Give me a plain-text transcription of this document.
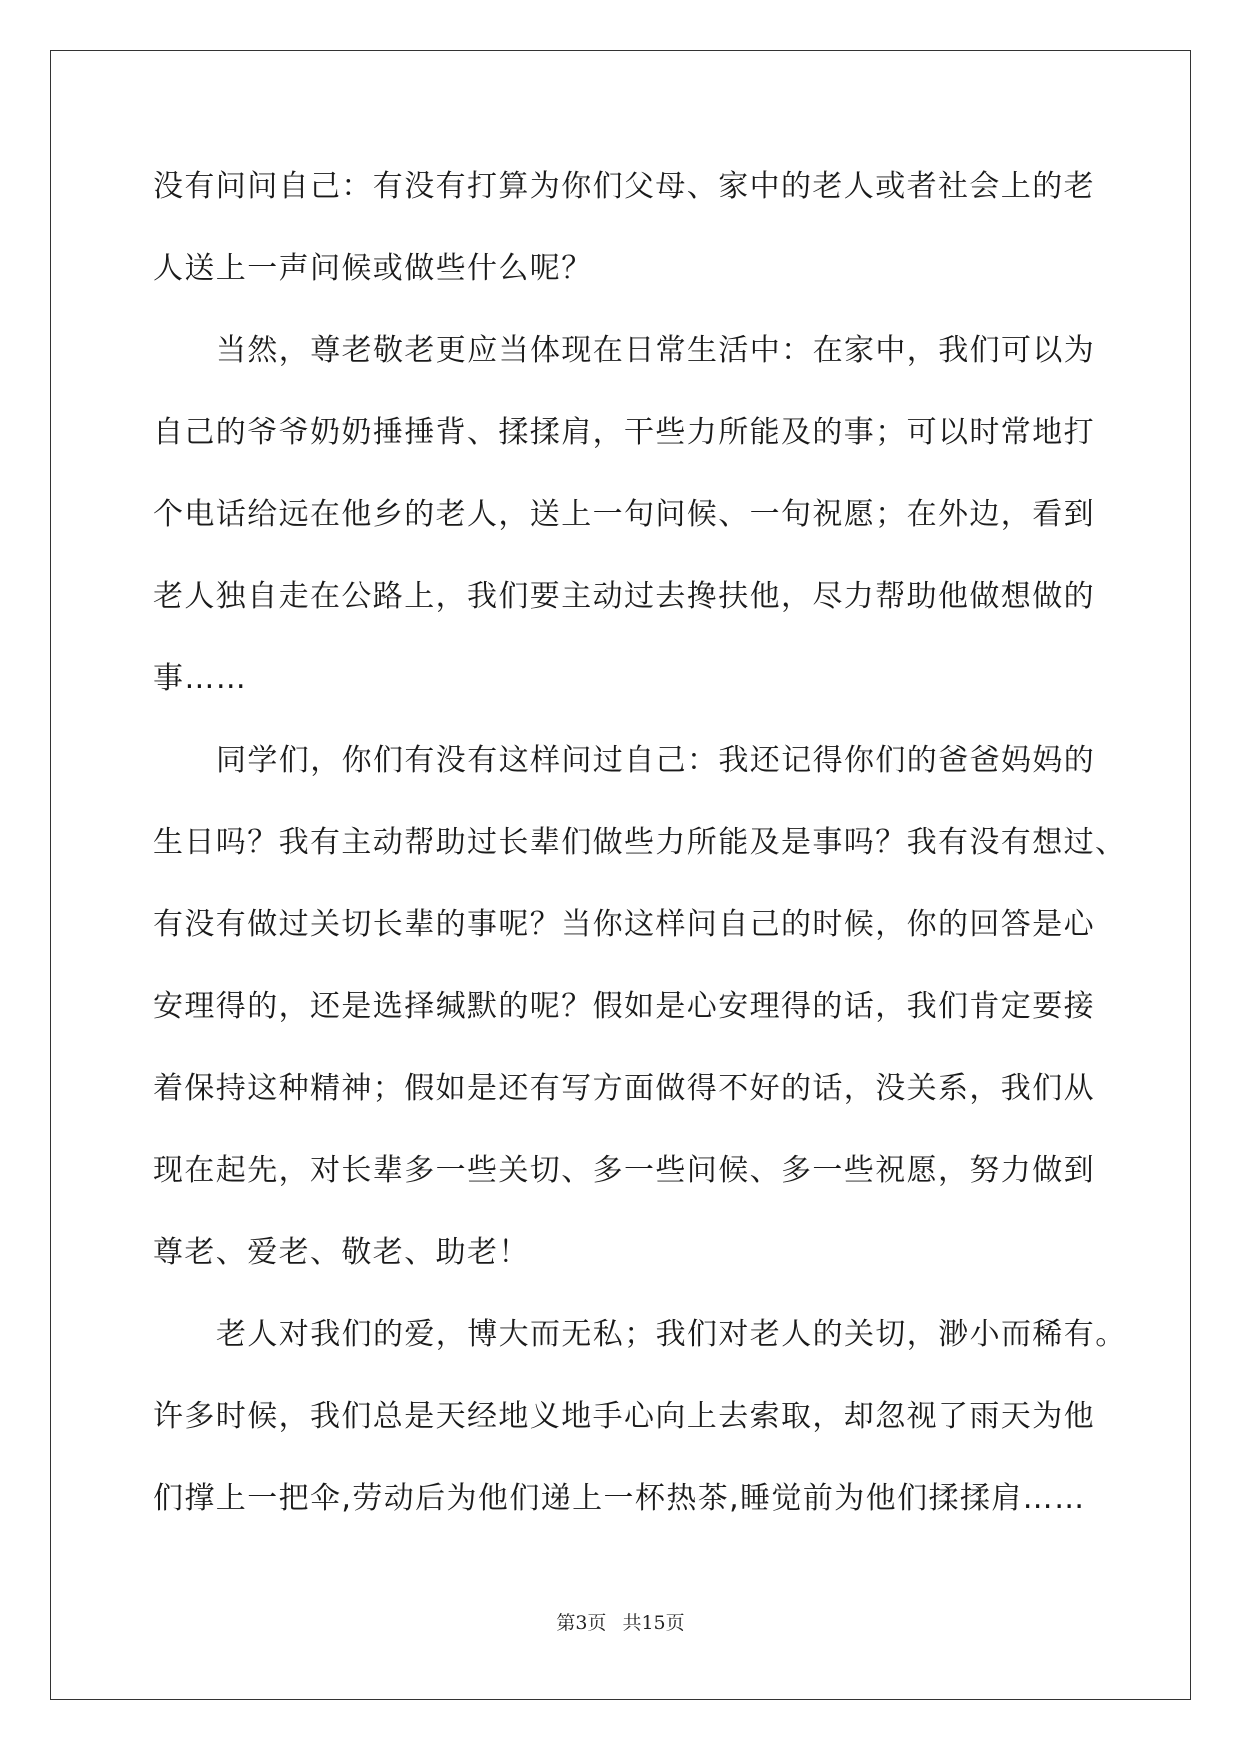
没有问问自己：有没有打算为你们父母、家中的老人或者社会上的老
人送上一声问候或做些什么呢？
当然，尊老敬老更应当体现在日常生活中：在家中，我们可以为
自己的爷爷奶奶捶捶背、揉揉肩，干些力所能及的事；可以时常地打
个电话给远在他乡的老人，送上一句问候、一句祝愿；在外边，看到
老人独自走在公路上，我们要主动过去搀扶他，尽力帮助他做想做的
事……
同学们，你们有没有这样问过自己：我还记得你们的爸爸妈妈的
生日吗？我有主动帮助过长辈们做些力所能及是事吗？我有没有想过、
有没有做过关切长辈的事呢？当你这样问自己的时候，你的回答是心
安理得的，还是选择缄默的呢？假如是心安理得的话，我们肯定要接
着保持这种精神；假如是还有写方面做得不好的话，没关系，我们从
现在起先，对长辈多一些关切、多一些问候、多一些祝愿，努力做到
尊老、爱老、敬老、助老！
老人对我们的爱，博大而无私；我们对老人的关切，渺小而稀有。
许多时候，我们总是天经地义地手心向上去索取，却忽视了雨天为他
们撑上一把伞,劳动后为他们递上一杯热茶,睡觉前为他们揉揉肩……
第3页 共15页
